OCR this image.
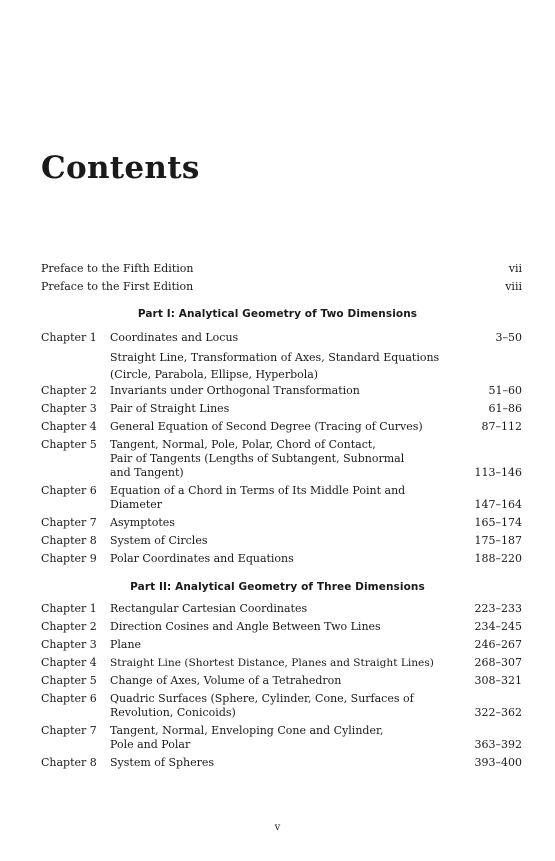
Contents
Preface to the Fifth Edition	vii
Preface to the First Edition	viii
Part I: Analytical Geometry of Two Dimensions
Chapter 1 Coordinates and Locus	3–50
Straight Line, Transformation of Axes, Standard Equations
(Circle, Parabola, Ellipse, Hyperbola)
Chapter 2 Invariants under Orthogonal Transformation	51–60
Chapter 3 Pair of Straight Lines	61–86
Chapter 4 General Equation of Second Degree (Tracing of Curves)	87–112
Chapter 5 Tangent, Normal, Pole, Polar, Chord of Contact,
Pair of Tangents (Lengths of Subtangent, Subnormal
and Tangent)	113–146
Chapter 6 Equation of a Chord in Terms of Its Middle Point and
Diameter	147–164
Chapter 7 Asymptotes	165–174
Chapter 8 System of Circles	175–187
Chapter 9 Polar Coordinates and Equations	188–220
Part II: Analytical Geometry of Three Dimensions
Chapter 1 Rectangular Cartesian Coordinates	223–233
Chapter 2 Direction Cosines and Angle Between Two Lines	234–245
Chapter 3 Plane	246–267
Chapter 4 Straight Line (Shortest Distance, Planes and Straight Lines)	268–307
Chapter 5 Change of Axes, Volume of a Tetrahedron	308–321
Chapter 6 Quadric Surfaces (Sphere, Cylinder, Cone, Surfaces of
Revolution, Conicoids)	322–362
Chapter 7 Tangent, Normal, Enveloping Cone and Cylinder,
Pole and Polar	363–392
Chapter 8 System of Spheres	393–400
v
